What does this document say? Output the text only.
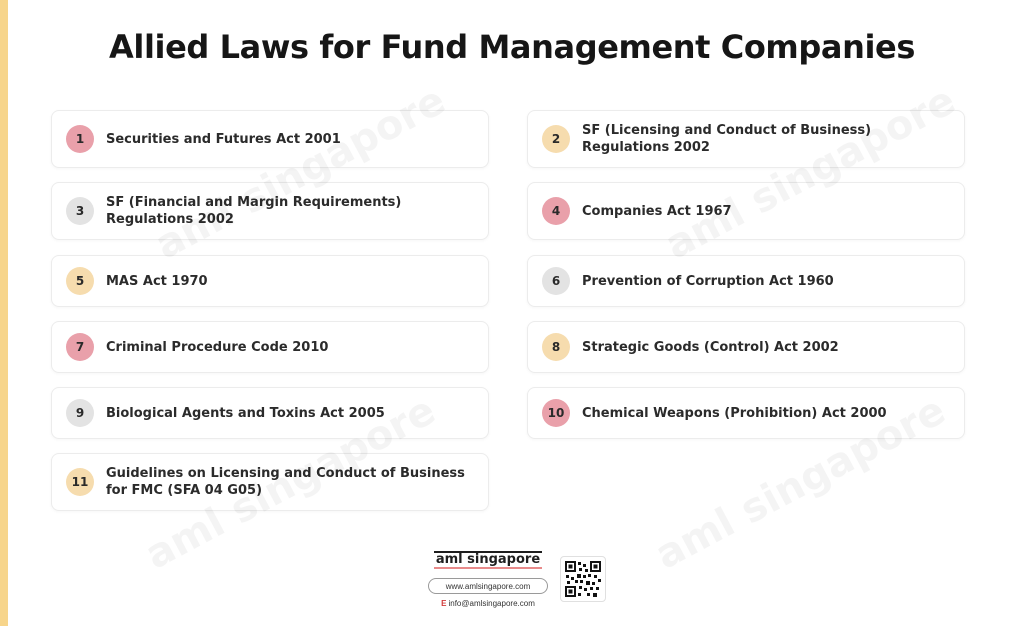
Allied Laws for Fund Management Companies
1	Securities and Futures Act 2001	2
SF (Licensing and Conduct of Business) Regulations 2002
3
SF (Financial and Margin Requirements) Regulations 2002
4	Companies Act 1967
5	MAS Act 1970	6	Prevention of Corruption Act 1960
7	Criminal Procedure Code 2010	8	Strategic Goods (Control) Act 2002
9	Biological Agents and Toxins Act 2005	10	Chemical Weapons (Prohibition) Act 2000
11
Guidelines on Licensing and Conduct of Business for FMC (SFA 04 G05)
aml singapore
www.amlsingapore.com
E info@amlsingapore.com
